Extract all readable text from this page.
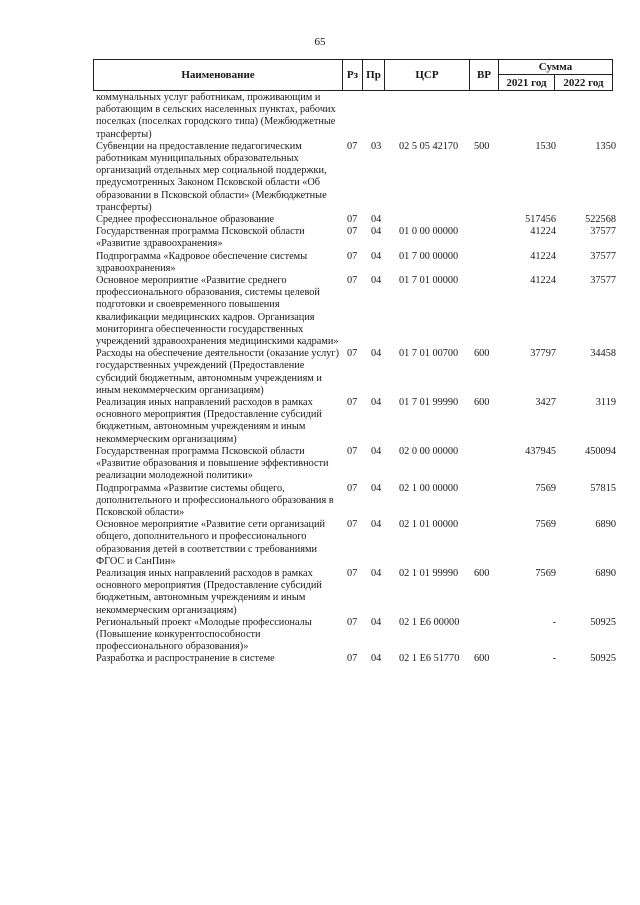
65
Наименование	Рз Пр	ЦСР	ВР
Сумма
2021 год	2022 год
коммунальных услуг работникам, проживающим и работающим в сельских населенных пунктах, рабочих поселках (поселках городского типа) (Межбюджетные трансферты)
Субвенции на предоставление педагогическим работникам муниципальных образовательных организаций отдельных мер социальной поддержки, предусмотренных Законом Псковской области «Об образовании в Псковской области» (Межбюджетные трансферты)
07 03 02 5 05 42170 500	1530	1350
Среднее профессиональное образование	07 04	517456	522568
Государственная программа Псковской области «Развитие здравоохранения»
07 04 01 0 00 00000	41224	37577
Подпрограмма «Кадровое обеспечение системы здравоохранения»
07 04 01 7 00 00000	41224	37577
Основное мероприятие «Развитие среднего профессионального образования, системы целевой подготовки и своевременного повышения квалификации медицинских кадров. Организация мониторинга обеспеченности государственных учреждений здравоохранения медицинскими кадрами»
07 04 01 7 01 00000	41224	37577
Расходы на обеспечение деятельности (оказание услуг) государственных учреждений (Предоставление субсидий бюджетным, автономным учреждениям и иным некоммерческим организациям)
07 04 01 7 01 00700 600	37797	34458
Реализация иных направлений расходов в рамках основного мероприятия (Предоставление субсидий бюджетным, автономным учреждениям и иным некоммерческим организациям)
07 04 01 7 01 99990 600	3427	3119
Государственная программа Псковской области «Развитие образования и повышение эффективности реализации молодежной политики»
07 04 02 0 00 00000	437945	450094
Подпрограмма «Развитие системы общего, дополнительного и профессионального образования в Псковской области»
07 04 02 1 00 00000	7569	57815
Основное мероприятие «Развитие сети организаций общего, дополнительного и профессионального образования детей в соответствии с требованиями ФГОС и СанПин»
07 04 02 1 01 00000	7569	6890
Реализация иных направлений расходов в рамках основного мероприятия (Предоставление субсидий бюджетным, автономным учреждениям и иным некоммерческим организациям)
07 04 02 1 01 99990 600	7569	6890
Региональный проект «Молодые профессионалы (Повышение конкурентоспособности профессионального образования)»
07 04 02 1 E6 00000	-	50925
Разработка и распространение в системе	07 04 02 1 E6 51770 600	-	50925
